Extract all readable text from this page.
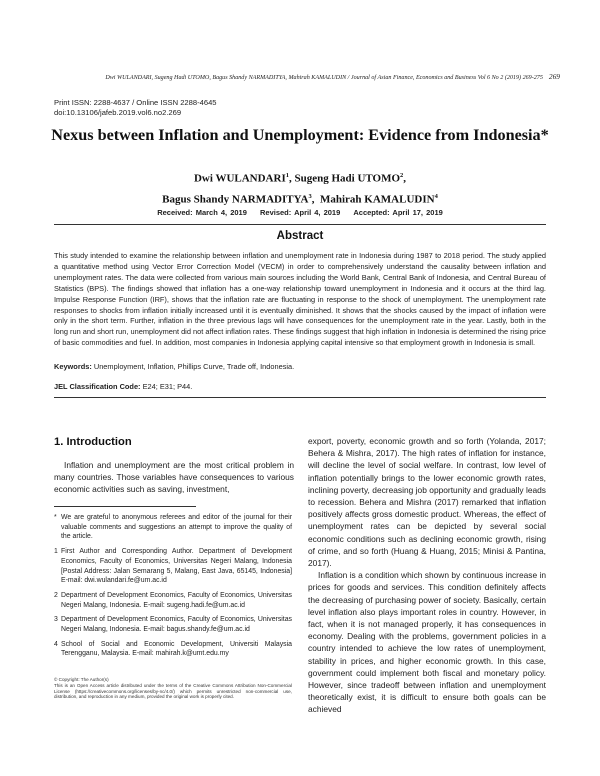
Dwi WULANDARI, Sugeng Hadi UTOMO, Bagus Shandy NARMADITYA, Mahirah KAMALUDIN / Journal of Asian Finance, Economics and Business Vol 6 No 2 (2019) 269-275 269
Print ISSN: 2288-4637 / Online ISSN 2288-4645
doi:10.13106/jafeb.2019.vol6.no2.269
Nexus between Inflation and Unemployment: Evidence from Indonesia*
Dwi WULANDARI$^1$, Sugeng Hadi UTOMO$^2$,
Bagus Shandy NARMADITYA$^3$,  Mahirah KAMALUDIN$^4$
Received: March 4, 2019 Revised: April 4, 2019 Accepted: April 17, 2019
Abstract
This study intended to examine the relationship between inflation and unemployment rate in Indonesia during 1987 to 2018 period. The study applied a quantitative method using Vector Error Correction Model (VECM) in order to comprehensively understand the causality between inflation and unemployment rates. The data were collected from various main sources including the World Bank, Central Bank of Indonesia, and Central Bureau of Statistics (BPS). The findings showed that inflation has a one-way relationship toward unemployment in Indonesia and it occurs at the third lag. Impulse Response Function (IRF), shows that the inflation rate are fluctuating in response to the shock of unemployment. The unemployment rate responses to shocks from inflation initially increased until it is eventually diminished. It shows that the shocks caused by the impact of inflation were only in the short term. Further, inflation in the three previous lags will have consequences for the unemployment rate in the year. Lastly, both in the long run and short run, unemployment did not affect inflation rates. These findings suggest that high inflation in Indonesia is determined the rising price of basic commodities and fuel. In addition, most companies in Indonesia applying capital intensive so that employment growth in Indonesia is small.
Keywords: Unemployment, Inflation, Phillips Curve, Trade off, Indonesia.
JEL Classification Code: E24; E31; P44.
1. Introduction
Inflation and unemployment are the most critical problem in many countries. Those variables have consequences to various economic activities such as saving, investment,
* We are grateful to anonymous referees and editor of the journal for their valuable comments and suggestions an attempt to improve the quality of the article.
1 First Author and Corresponding Author. Department of Development Economics, Faculty of Economics, Universitas Negeri Malang, Indonesia [Postal Address: Jalan Semarang 5, Malang, East Java, 65145, Indonesia] E-mail: dwi.wulandari.fe@um.ac.id
2 Department of Development Economics, Faculty of Economics, Universitas Negeri Malang, Indonesia. E-mail: sugeng.hadi.fe@um.ac.id
3 Department of Development Economics, Faculty of Economics, Universitas Negeri Malang, Indonesia. E-mail: bagus.shandy.fe@um.ac.id
4 School of Social and Economic Development, Universiti Malaysia Terengganu, Malaysia. E-mail: mahirah.k@umt.edu.my
© Copyright: The Author(s)
This is an Open Access article distributed under the terms of the Creative Commons Attribution Non-Commercial License (https://creativecommons.org/licenses/by-nc/4.0/) which permits unrestricted non-commercial use, distribution, and reproduction in any medium, provided the original work is properly cited.

export, poverty, economic growth and so forth (Yolanda, 2017; Behera & Mishra, 2017). The high rates of inflation for instance, will decline the level of social welfare. In contrast, low level of inflation potentially brings to the lower economic growth rates, inclining poverty, decreasing job opportunity and gradually leads to recession. Behera and Mishra (2017) remarked that inflation positively affects gross domestic product. Whereas, the effect of unemployment rates can be depicted by several social economic conditions such as declining economic growth, rising of crime, and so forth (Huang & Huang, 2015; Minisi & Pantina, 2017).

Inflation is a condition which shown by continuous increase in prices for goods and services. This condition definitely affects the decreasing of purchasing power of society. Basically, certain level inflation also plays important roles in country. However, in fact, when it is not managed properly, it has consequences in economy. Dealing with the problems, government policies in a country intended to achieve the low rates of unemployment, stability in prices, and higher economic growth. In this case, government could implement both fiscal and monetary policy. However, since tradeoff between inflation and unemployment theoretically exist, it is difficult to ensure both goals can be achieved
